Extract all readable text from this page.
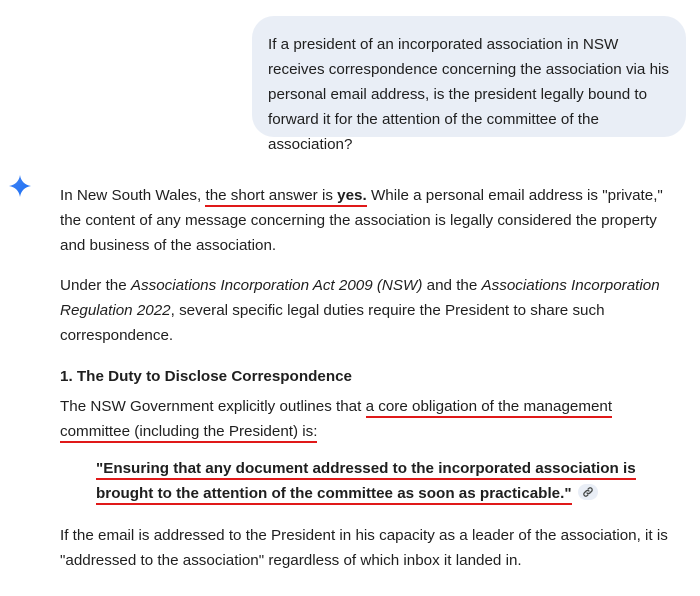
If a president of an incorporated association in NSW receives correspondence concerning the association via his personal email address, is the president legally bound to forward it for the attention of the committee of the association?

In New South Wales, the short answer is yes. While a personal email address is "private," the content of any message concerning the association is legally considered the property and business of the association.

Under the Associations Incorporation Act 2009 (NSW) and the Associations Incorporation Regulation 2022, several specific legal duties require the President to share such correspondence.

1. The Duty to Disclose Correspondence

The NSW Government explicitly outlines that a core obligation of the management committee (including the President) is:

"Ensuring that any document addressed to the incorporated association is brought to the attention of the committee as soon as practicable."

If the email is addressed to the President in his capacity as a leader of the association, it is "addressed to the association" regardless of which inbox it landed in.
